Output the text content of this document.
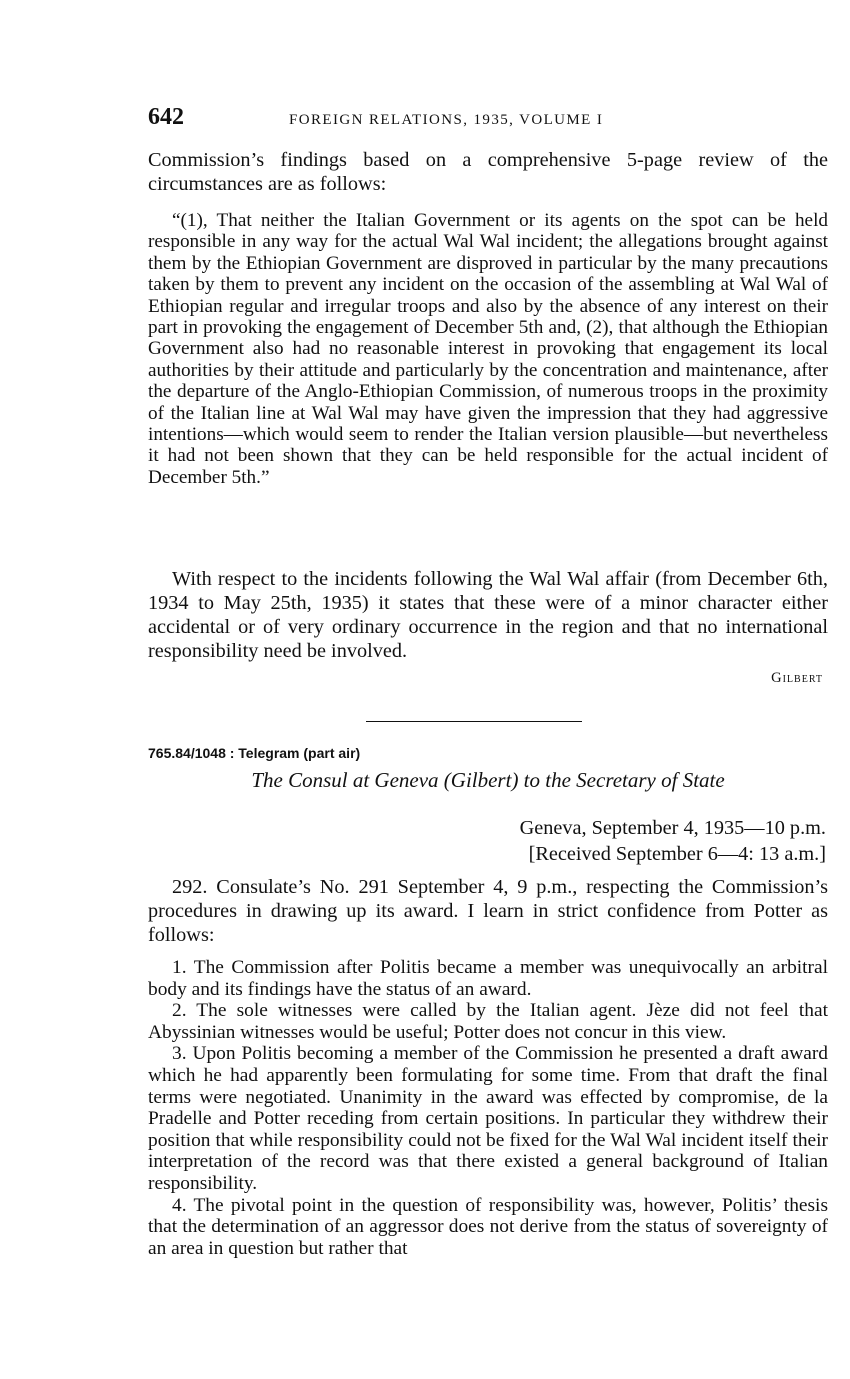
642	FOREIGN RELATIONS, 1935, VOLUME I

Commission’s findings based on a comprehensive 5-page review of the circumstances are as follows:

“(1), That neither the Italian Government or its agents on the spot can be held responsible in any way for the actual Wal Wal incident; the allegations brought against them by the Ethiopian Government are disproved in particular by the many precautions taken by them to prevent any incident on the occasion of the assembling at Wal Wal of Ethiopian regular and irregular troops and also by the absence of any interest on their part in provoking the engagement of December 5th and, (2), that although the Ethiopian Government also had no reasonable interest in provoking that engagement its local authorities by their attitude and particularly by the concentration and maintenance, after the departure of the Anglo-Ethiopian Commission, of numerous troops in the proximity of the Italian line at Wal Wal may have given the impression that they had aggressive intentions—which would seem to render the Italian version plausible—but nevertheless it had not been shown that they can be held responsible for the actual incident of December 5th.”

With respect to the incidents following the Wal Wal affair (from December 6th, 1934 to May 25th, 1935) it states that these were of a minor character either accidental or of very ordinary occurrence in the region and that no international responsibility need be involved.

Gilbert
765.84/1048 : Telegram (part air)
The Consul at Geneva (Gilbert) to the Secretary of State
Geneva, September 4, 1935—10 p.m.
[Received September 6—4: 13 a.m.]

292. Consulate’s No. 291 September 4, 9 p.m., respecting the Commission’s procedures in drawing up its award. I learn in strict confidence from Potter as follows:

1. The Commission after Politis became a member was unequivocally an arbitral body and its findings have the status of an award.

2. The sole witnesses were called by the Italian agent. Jèze did not feel that Abyssinian witnesses would be useful; Potter does not concur in this view.

3. Upon Politis becoming a member of the Commission he presented a draft award which he had apparently been formulating for some time. From that draft the final terms were negotiated. Unanimity in the award was effected by compromise, de la Pradelle and Potter receding from certain positions. In particular they withdrew their position that while responsibility could not be fixed for the Wal Wal incident itself their interpretation of the record was that there existed a general background of Italian responsibility.

4. The pivotal point in the question of responsibility was, however, Politis’ thesis that the determination of an aggressor does not derive from the status of sovereignty of an area in question but rather that
